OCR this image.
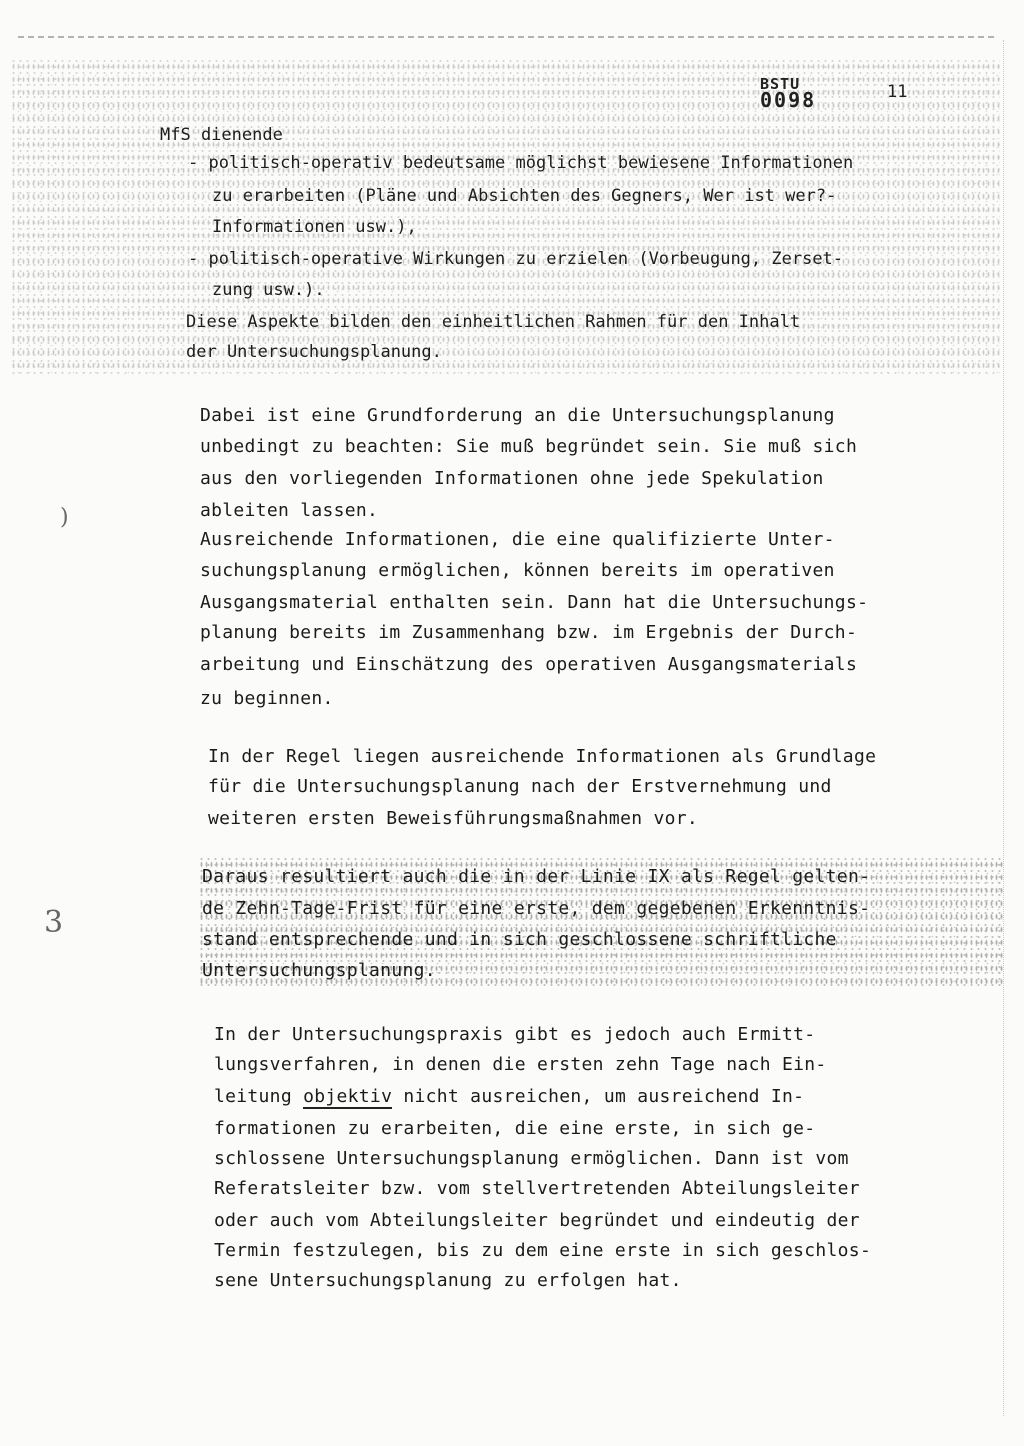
BSTU
0098	11
MfS dienende
- politisch-operativ bedeutsame möglichst bewiesene Informationen
zu erarbeiten (Pläne und Absichten des Gegners, Wer ist wer?-
Informationen usw.),
- politisch-operative Wirkungen zu erzielen (Vorbeugung, Zerset-
zung usw.).
Diese Aspekte bilden den einheitlichen Rahmen für den Inhalt
der Untersuchungsplanung.
Dabei ist eine Grundforderung an die Untersuchungsplanung
unbedingt zu beachten: Sie muß begründet sein. Sie muß sich
aus den vorliegenden Informationen ohne jede Spekulation
ableiten lassen.
Ausreichende Informationen, die eine qualifizierte Unter-
suchungsplanung ermöglichen, können bereits im operativen
Ausgangsmaterial enthalten sein. Dann hat die Untersuchungs-
planung bereits im Zusammenhang bzw. im Ergebnis der Durch-
arbeitung und Einschätzung des operativen Ausgangsmaterials
zu beginnen.
In der Regel liegen ausreichende Informationen als Grundlage
für die Untersuchungsplanung nach der Erstvernehmung und
weiteren ersten Beweisführungsmaßnahmen vor.
Daraus resultiert auch die in der Linie IX als Regel gelten-
de Zehn-Tage-Frist für eine erste, dem gegebenen Erkenntnis-
stand entsprechende und in sich geschlossene schriftliche
Untersuchungsplanung.
In der Untersuchungspraxis gibt es jedoch auch Ermitt-
lungsverfahren, in denen die ersten zehn Tage nach Ein-
leitung objektiv nicht ausreichen, um ausreichend In-
formationen zu erarbeiten, die eine erste, in sich ge-
schlossene Untersuchungsplanung ermöglichen. Dann ist vom
Referatsleiter bzw. vom stellvertretenden Abteilungsleiter
oder auch vom Abteilungsleiter begründet und eindeutig der
Termin festzulegen, bis zu dem eine erste in sich geschlos-
sene Untersuchungsplanung zu erfolgen hat.
3
)
